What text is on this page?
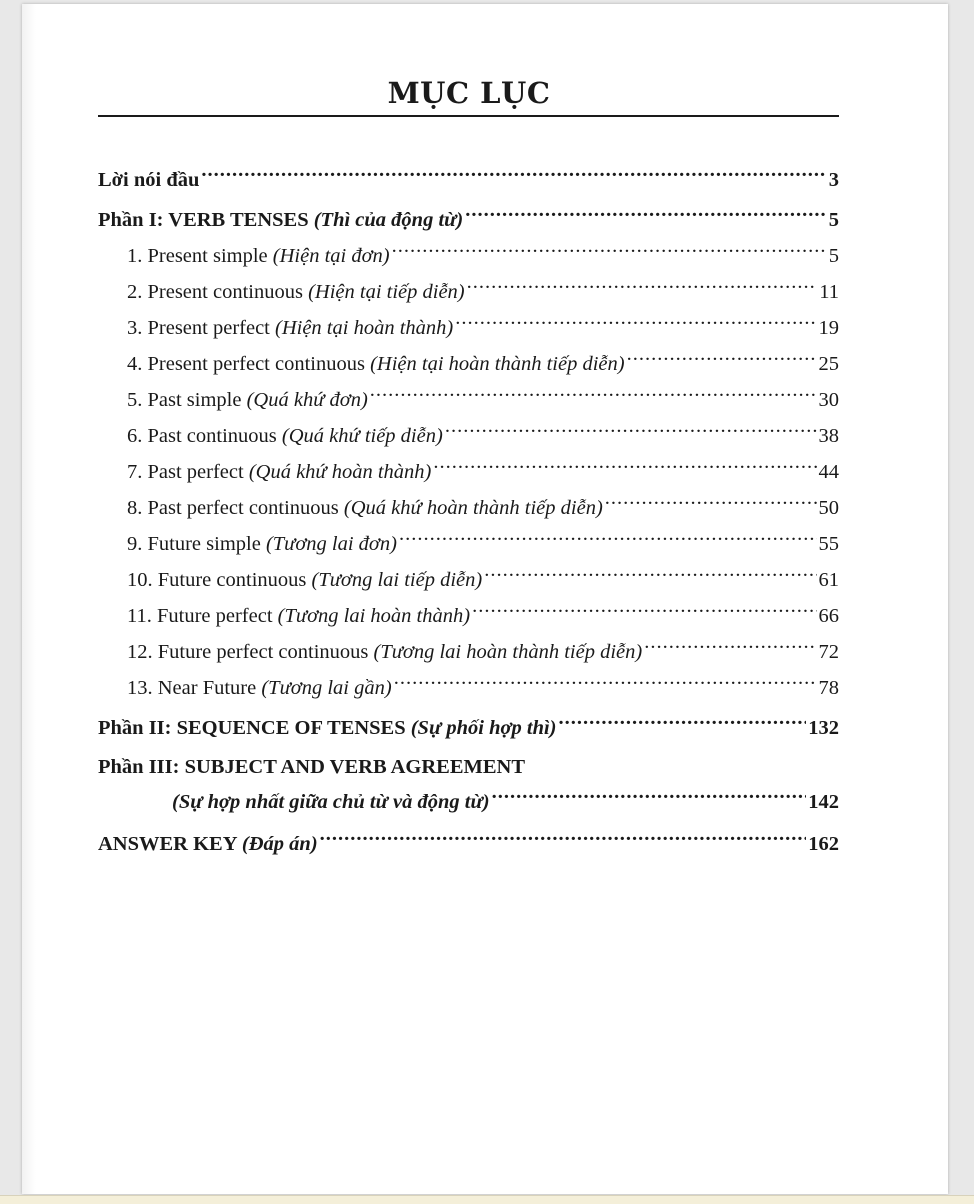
MỤC LỤC
Lời nói đầu .....	3
Phần I: VERB TENSES (Thì của động từ) .....	5
1. Present simple (Hiện tại đơn) .....	5
2. Present continuous (Hiện tại tiếp diễn) .....	11
3. Present perfect (Hiện tại hoàn thành) .....	19
4. Present perfect continuous (Hiện tại hoàn thành tiếp diễn) .....	25
5. Past simple (Quá khứ đơn) .....	30
6. Past continuous (Quá khứ tiếp diễn) .....	38
7. Past perfect (Quá khứ hoàn thành) .....	44
8. Past perfect continuous (Quá khứ hoàn thành tiếp diễn) .....	50
9. Future simple (Tương lai đơn) .....	55
10. Future continuous (Tương lai tiếp diễn) .....	61
11. Future perfect (Tương lai hoàn thành) .....	66
12. Future perfect continuous (Tương lai hoàn thành tiếp diễn) .....	72
13. Near Future (Tương lai gần) .....	78
Phần II: SEQUENCE OF TENSES (Sự phối hợp thì) .....	132
Phần III: SUBJECT AND VERB AGREEMENT
(Sự hợp nhất giữa chủ từ và động từ) .....	142
ANSWER KEY (Đáp án) .....	162
